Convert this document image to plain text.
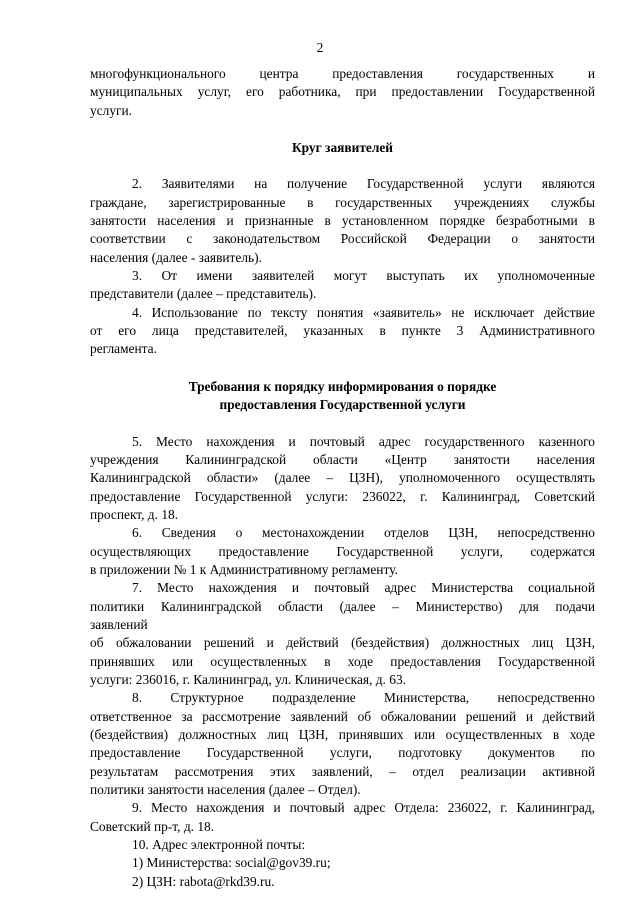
2
многофункционального центра предоставления государственных и
муниципальных услуг, его работника, при предоставлении Государственной
услуги.

Круг заявителей

2. Заявителями на получение Государственной услуги являются
граждане, зарегистрированные в государственных учреждениях службы
занятости населения и признанные в установленном порядке безработными в
соответствии с законодательством Российской Федерации о занятости
населения (далее - заявитель).
3. От имени заявителей могут выступать их уполномоченные
представители (далее – представитель).
4. Использование по тексту понятия «заявитель» не исключает действие
от его лица представителей, указанных в пункте 3 Административного
регламента.

Требования к порядку информирования о порядке

предоставления Государственной услуги

5. Место нахождения и почтовый адрес государственного казенного
учреждения Калининградской области «Центр занятости населения
Калининградской области» (далее – ЦЗН), уполномоченного осуществлять
предоставление Государственной услуги: 236022, г. Калининград, Советский
проспект, д. 18.
6. Сведения о местонахождении отделов ЦЗН, непосредственно
осуществляющих предоставление Государственной услуги, содержатся
в приложении № 1 к Административному регламенту.
7. Место нахождения и почтовый адрес Министерства социальной
политики Калининградской области (далее – Министерство) для подачи
заявлений
об обжаловании решений и действий (бездействия) должностных лиц ЦЗН,
принявших или осуществленных в ходе предоставления Государственной
услуги: 236016, г. Калининград, ул. Клиническая, д. 63.
8. Структурное подразделение Министерства, непосредственно
ответственное за рассмотрение заявлений об обжаловании решений и действий
(бездействия) должностных лиц ЦЗН, принявших или осуществленных в ходе
предоставление Государственной услуги, подготовку документов по
результатам рассмотрения этих заявлений, – отдел реализации активной
политики занятости населения (далее – Отдел).
9. Место нахождения и почтовый адрес Отдела: 236022, г. Калининград,
Советский пр-т, д. 18.
10. Адрес электронной почты:
1) Министерства: social@gov39.ru;
2) ЦЗН: rabota@rkd39.ru.
